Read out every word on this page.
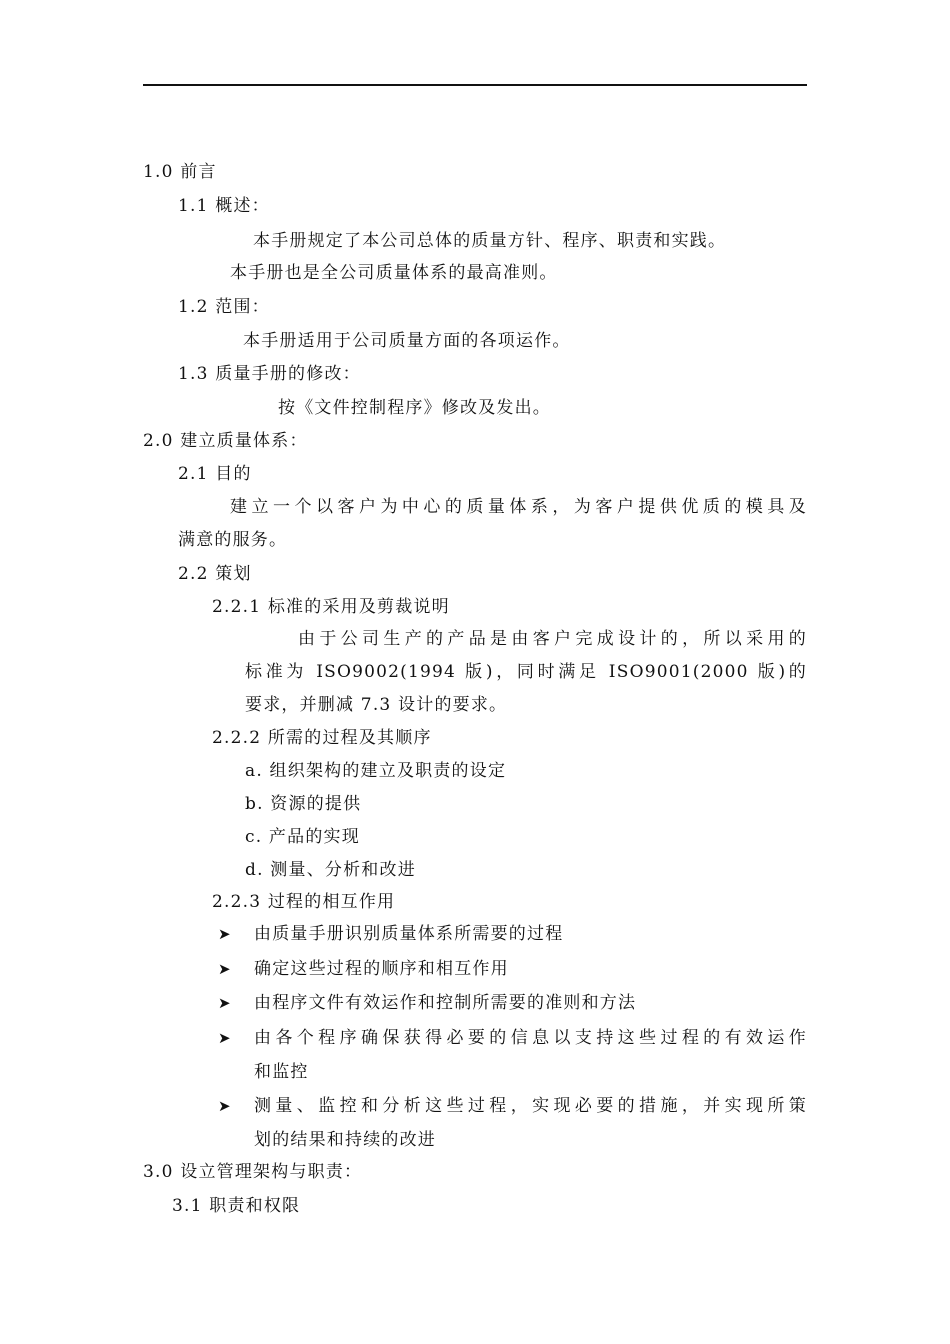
1.0 前言
1.1 概述：
本手册规定了本公司总体的质量方针、程序、职责和实践。
本手册也是全公司质量体系的最高准则。
1.2 范围：
本手册适用于公司质量方面的各项运作。
1.3 质量手册的修改：
按《文件控制程序》修改及发出。
2.0 建立质量体系：
2.1 目的
建立一个以客户为中心的质量体系，为客户提供优质的模具及
满意的服务。
2.2 策划
2.2.1 标准的采用及剪裁说明
由于公司生产的产品是由客户完成设计的，所以采用的
标准为 ISO9002(1994 版)，同时满足 ISO9001(2000 版)的
要求，并删减 7.3 设计的要求。
2.2.2 所需的过程及其顺序
a. 组织架构的建立及职责的设定
b. 资源的提供
c. 产品的实现
d. 测量、分析和改进
2.2.3 过程的相互作用
➤ 由质量手册识别质量体系所需要的过程
➤ 确定这些过程的顺序和相互作用
➤ 由程序文件有效运作和控制所需要的准则和方法
➤ 由各个程序确保获得必要的信息以支持这些过程的有效运作
和监控
➤ 测量、监控和分析这些过程，实现必要的措施，并实现所策
划的结果和持续的改进
3.0 设立管理架构与职责：
3.1 职责和权限
